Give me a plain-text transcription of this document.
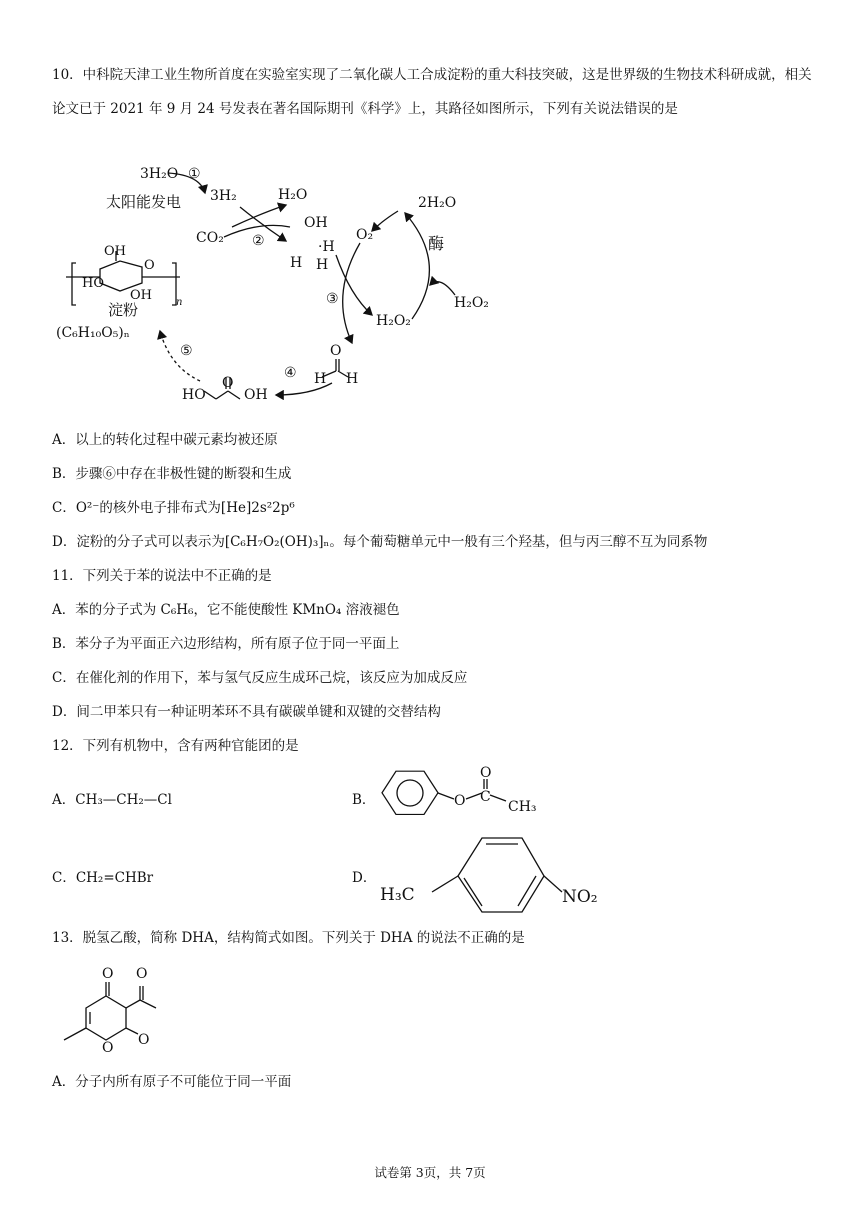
10．中科院天津工业生物所首度在实验室实现了二氧化碳人工合成淀粉的重大科技突破，这是世界级的生物技术科研成就，相关论文已于 2021 年 9 月 24 号发表在著名国际期刊《科学》上，其路径如图所示，下列有关说法错误的是
3H₂O ①
太阳能发电 3H₂	H₂O
CO₂ ②
OH
·H
H H
O₂
2H₂O
酶
H₂O₂
③
H₂O₂
淀粉
(C₆H₁₀O₅)ₙ
⑤
④
O
H H
O
HO	OH
OH
HO
OH
O
n
A．以上的转化过程中碳元素均被还原
B．步骤⑥中存在非极性键的断裂和生成
C．O²⁻的核外电子排布式为[He]2s²2p⁶
D．淀粉的分子式可以表示为[C₆H₇O₂(OH)₃]ₙ。每个葡萄糖单元中一般有三个羟基，但与丙三醇不互为同系物
11．下列关于苯的说法中不正确的是
A．苯的分子式为 C₆H₆，它不能使酸性 KMnO₄ 溶液褪色
B．苯分子为平面正六边形结构，所有原子位于同一平面上
C．在催化剂的作用下，苯与氢气反应生成环己烷，该反应为加成反应
D．间二甲苯只有一种证明苯环不具有碳碳单键和双键的交替结构
12．下列有机物中，含有两种官能团的是
A．CH₃—CH₂—Cl	B．	O
O
C
CH₃
C．CH₂=CHBr	D．
H₃C	NO₂
13．脱氢乙酸，简称 DHA，结构简式如图。下列关于 DHA 的说法不正确的是
O O
O O
A．分子内所有原子不可能位于同一平面
试卷第 3页，共 7页
